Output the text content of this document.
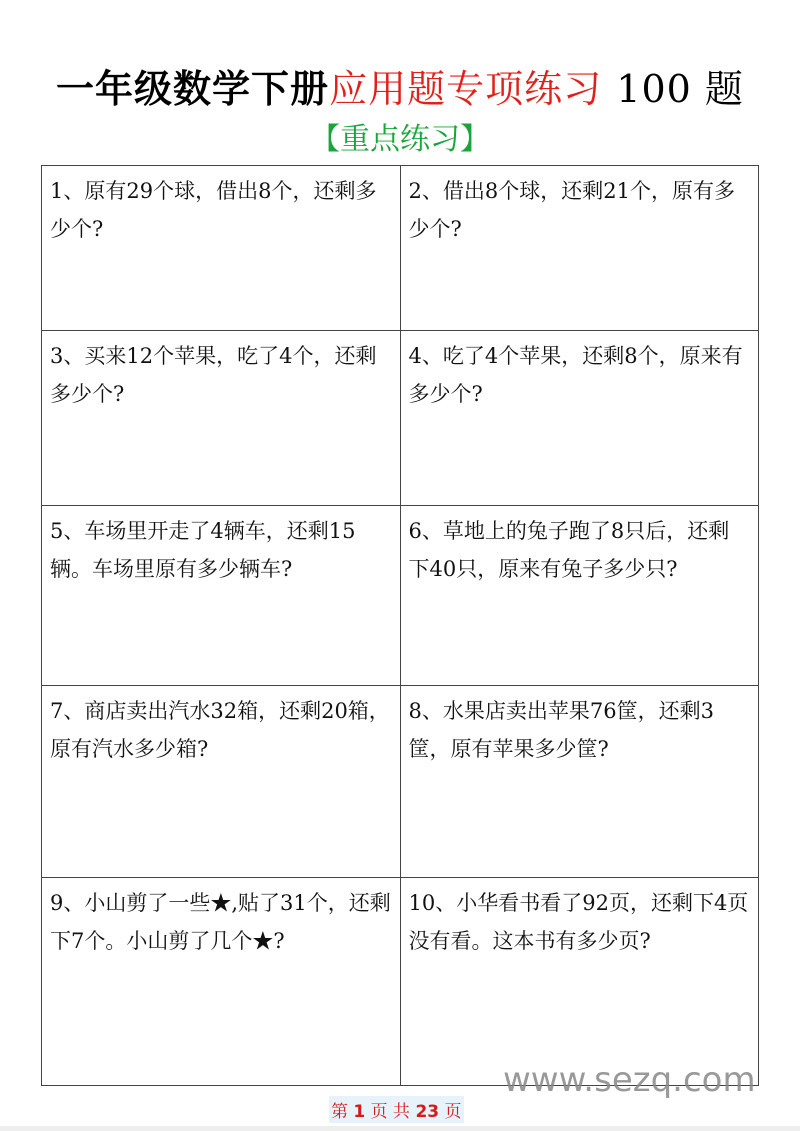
一年级数学下册应用题专项练习 100 题
【重点练习】
1、原有29个球，借出8个，还剩多少个?	2、借出8个球，还剩21个，原有多少个?
3、买来12个苹果，吃了4个，还剩多少个?	4、吃了4个苹果，还剩8个，原来有多少个?
5、车场里开走了4辆车，还剩15辆。车场里原有多少辆车?	6、草地上的兔子跑了8只后，还剩下40只，原来有兔子多少只?
7、商店卖出汽水32箱，还剩20箱，原有汽水多少箱?	8、水果店卖出苹果76筐，还剩3筐，原有苹果多少筐?
9、小山剪了一些★,贴了31个，还剩下7个。小山剪了几个★?	10、小华看书看了92页，还剩下4页没有看。这本书有多少页?
www.sezq.com
第 1 页 共 23 页
